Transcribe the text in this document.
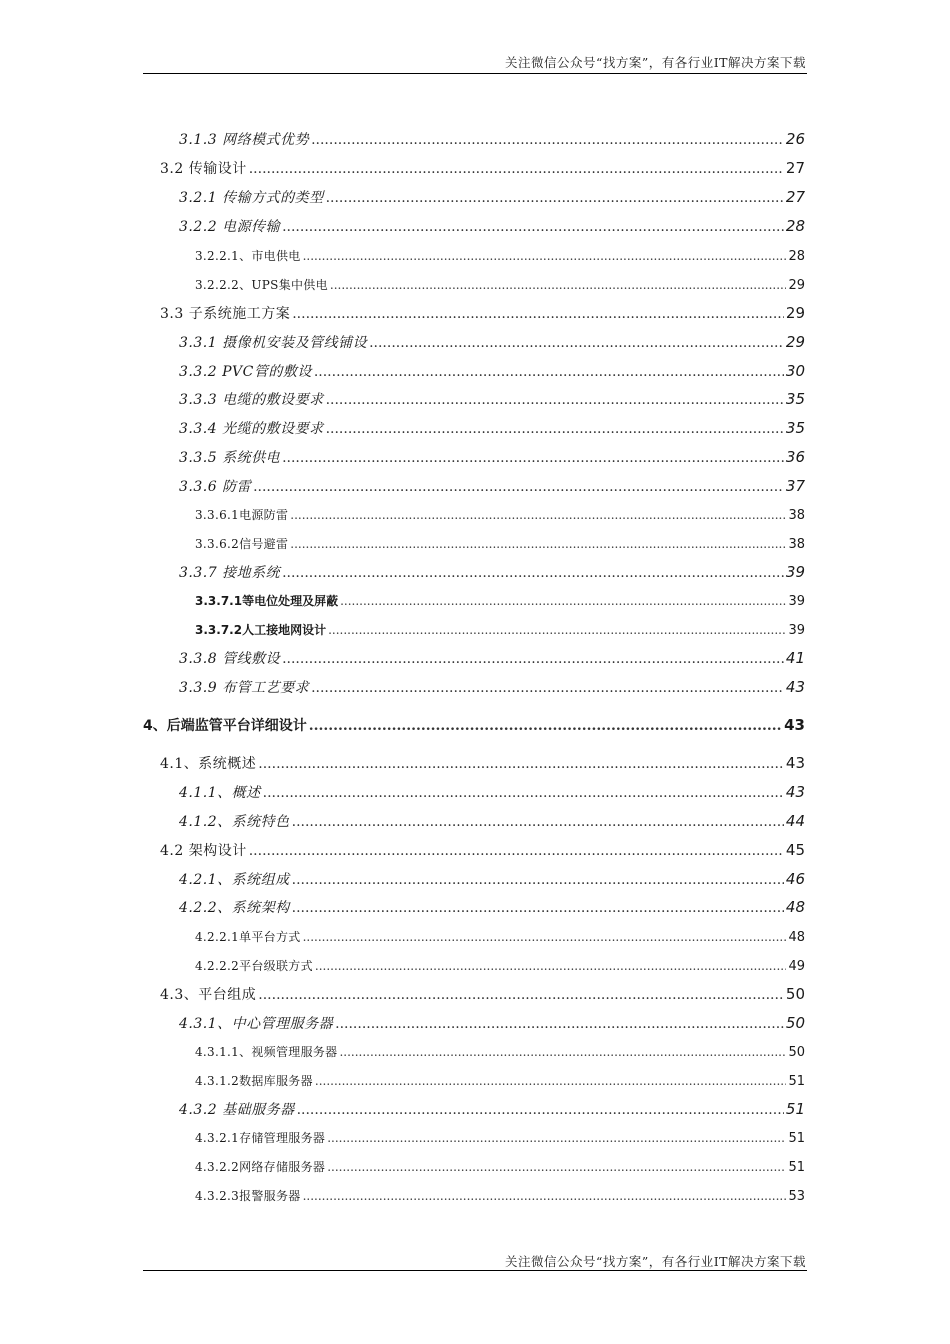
关注微信公众号“找方案”，有各行业IT解决方案下载
3.1.3 网络模式优势 .....	26
3.2 传输设计 .....	27
3.2.1 传输方式的类型 .....	27
3.2.2 电源传输 .....	28
3.2.2.1、市电供电 .....	28
3.2.2.2、UPS集中供电 .....	29
3.3 子系统施工方案 .....	29
3.3.1 摄像机安装及管线铺设 .....	29
3.3.2 PVC管的敷设 .....	30
3.3.3 电缆的敷设要求 .....	35
3.3.4 光缆的敷设要求 .....	35
3.3.5 系统供电 .....	36
3.3.6 防雷 .....	37
3.3.6.1电源防雷 .....	38
3.3.6.2信号避雷 .....	38
3.3.7 接地系统 .....	39
3.3.7.1等电位处理及屏蔽 .....	39
3.3.7.2人工接地网设计 .....	39
3.3.8 管线敷设 .....	41
3.3.9 布管工艺要求 .....	43
4、后端监管平台详细设计 .....	43
4.1、系统概述 .....	43
4.1.1、概述 .....	43
4.1.2、系统特色 .....	44
4.2 架构设计 .....	45
4.2.1、系统组成 .....	46
4.2.2、系统架构 .....	48
4.2.2.1单平台方式 .....	48
4.2.2.2平台级联方式 .....	49
4.3、平台组成 .....	50
4.3.1、中心管理服务器 .....	50
4.3.1.1、视频管理服务器 .....	50
4.3.1.2数据库服务器 .....	51
4.3.2 基础服务器 .....	51
4.3.2.1存储管理服务器 .....	51
4.3.2.2网络存储服务器 .....	51
4.3.2.3报警服务器 .....	53
关注微信公众号“找方案”，有各行业IT解决方案下载
